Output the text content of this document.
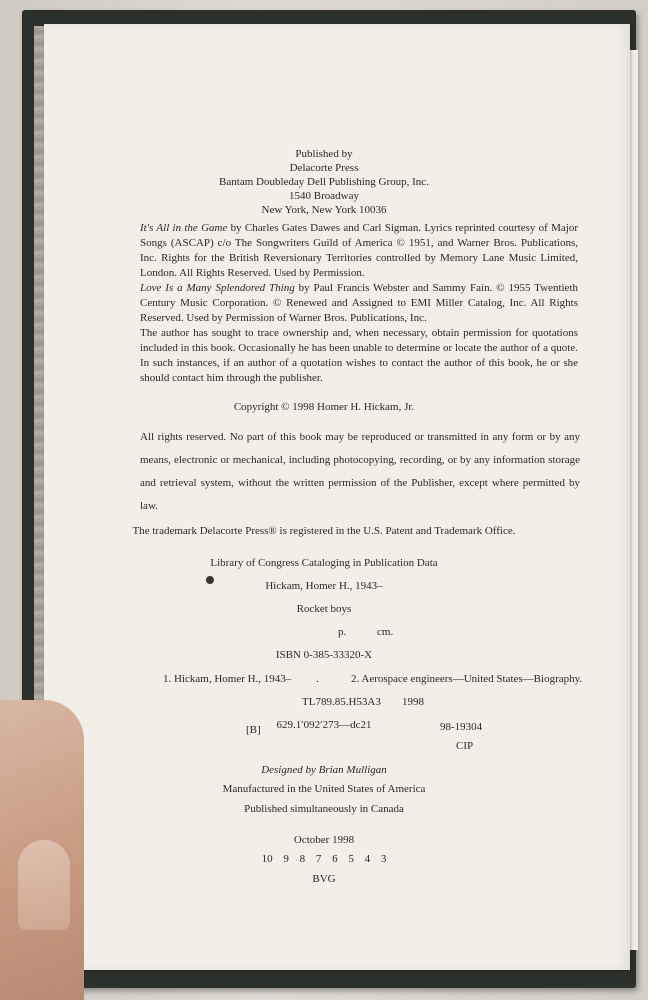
Published by
Delacorte Press
Bantam Doubleday Dell Publishing Group, Inc.
1540 Broadway
New York, New York 10036

It's All in the Game by Charles Gates Dawes and Carl Sigman. Lyrics reprinted courtesy of Major Songs (ASCAP) c/o The Songwriters Guild of America © 1951, and Warner Bros. Publications, Inc. Rights for the British Reversionary Territories controlled by Memory Lane Music Limited, London. All Rights Reserved. Used by Permission.

Love Is a Many Splendored Thing by Paul Francis Webster and Sammy Fain. © 1955 Twentieth Century Music Corporation. © Renewed and Assigned to EMI Miller Catalog, Inc. All Rights Reserved. Used by Permission of Warner Bros. Publications, Inc.

The author has sought to trace ownership and, when necessary, obtain permission for quotations included in this book. Occasionally he has been unable to determine or locate the author of a quote. In such instances, if an author of a quotation wishes to contact the author of this book, he or she should contact him through the publisher.

Copyright © 1998 Homer H. Hickam, Jr.

All rights reserved. No part of this book may be reproduced or transmitted in any form or by any means, electronic or mechanical, including photocopying, recording, or by any information storage and retrieval system, without the written permission of the Publisher, except where permitted by law.

The trademark Delacorte Press® is registered in the U.S. Patent and Trademark Office.
Library of Congress Cataloging in Publication Data
Hickam, Homer H., 1943–
Rocket boys
p.	cm.
ISBN 0-385-33320-X
1. Hickam, Homer H., 1943– .	2. Aerospace engineers—United States—Biography.
TL789.85.H53A3 1998
629.1′092′273—dc21	98-19304
[B]
CIP
Designed by Brian Mulligan
Manufactured in the United States of America
Published simultaneously in Canada
October 1998
10 9 8 7 6 5 4 3
BVG
